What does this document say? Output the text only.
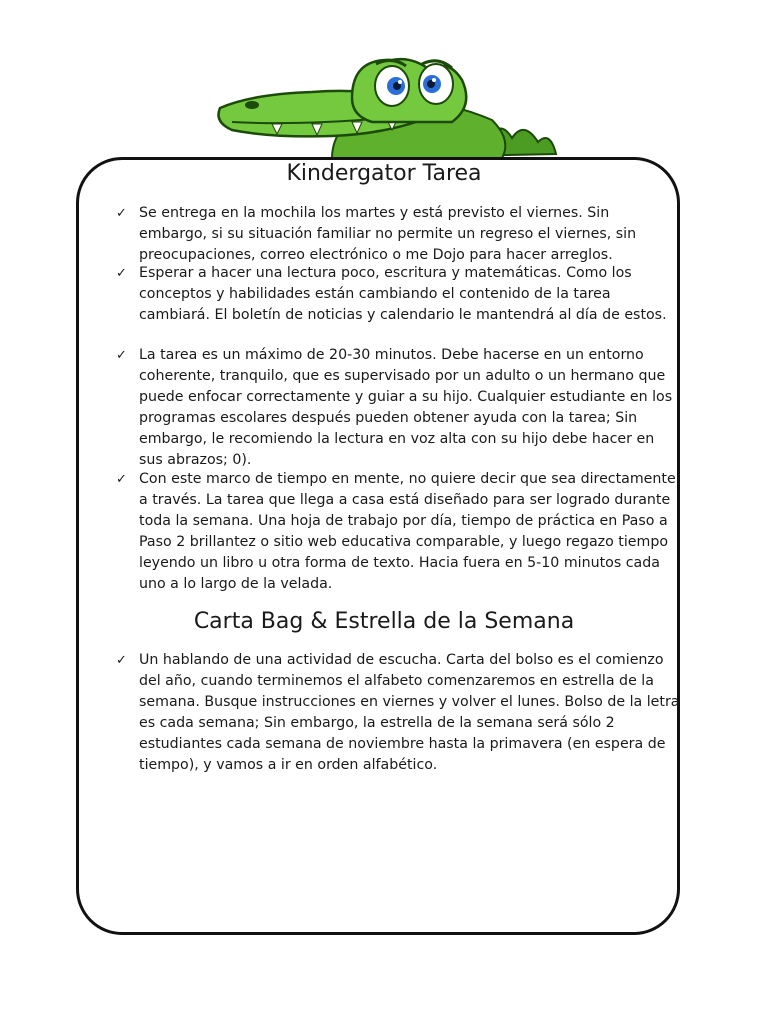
Kindergator Tarea
✓ Se entrega en la mochila los martes y está previsto el viernes. Sin embargo, si su situación familiar no permite un regreso el viernes, sin preocupaciones, correo electrónico o me Dojo para hacer arreglos.
✓ Esperar a hacer una lectura poco, escritura y matemáticas. Como los conceptos y habilidades están cambiando el contenido de la tarea cambiará. El boletín de noticias y calendario le mantendrá al día de estos.
✓ La tarea es un máximo de 20-30 minutos. Debe hacerse en un entorno coherente, tranquilo, que es supervisado por un adulto o un hermano que puede enfocar correctamente y guiar a su hijo. Cualquier estudiante en los programas escolares después pueden obtener ayuda con la tarea; Sin embargo, le recomiendo la lectura en voz alta con su hijo debe hacer en sus abrazos; 0).
✓ Con este marco de tiempo en mente, no quiere decir que sea directamente a través. La tarea que llega a casa está diseñado para ser logrado durante toda la semana. Una hoja de trabajo por día, tiempo de práctica en Paso a Paso 2 brillantez o sitio web educativa comparable, y luego regazo tiempo leyendo un libro u otra forma de texto. Hacia fuera en 5-10 minutos cada uno a lo largo de la velada.
Carta Bag & Estrella de la Semana
✓ Un hablando de una actividad de escucha. Carta del bolso es el comienzo del año, cuando terminemos el alfabeto comenzaremos en estrella de la semana. Busque instrucciones en viernes y volver el lunes. Bolso de la letra es cada semana; Sin embargo, la estrella de la semana será sólo 2 estudiantes cada semana de noviembre hasta la primavera (en espera de tiempo), y vamos a ir en orden alfabético.
